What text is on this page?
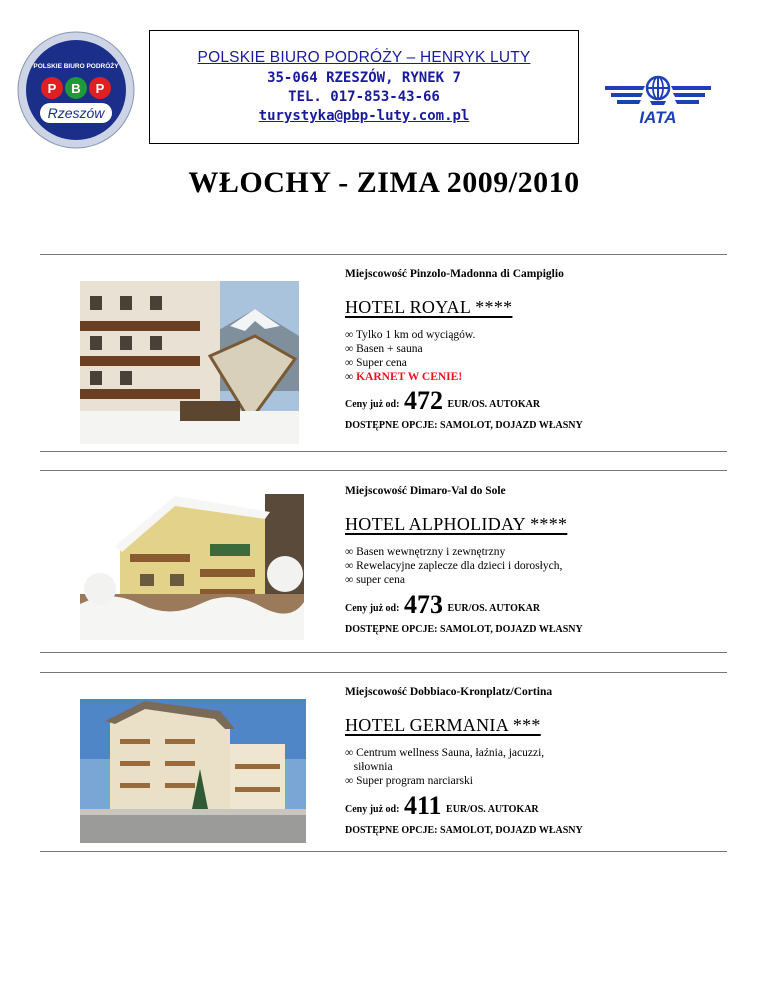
POLSKIE BIURO PODRÓŻY
P B P
Rzeszów
POLSKIE BIURO PODRÓŻY – HENRYK LUTY
35-064 RZESZÓW, RYNEK 7
TEL. 017-853-43-66
turystyka@pbp-luty.com.pl	IATA
WŁOCHY - ZIMA 2009/2010
Miejscowość Pinzolo-Madonna di Campiglio
HOTEL ROYAL ****
∞ Tylko 1 km od wyciągów.
∞ Basen + sauna
∞ Super cena
∞ KARNET W CENIE!
Ceny już od: 472 EUR/OS. AUTOKAR
DOSTĘPNE OPCJE: SAMOLOT, DOJAZD WŁASNY
Miejscowość Dimaro-Val do Sole
HOTEL ALPHOLIDAY ****
∞ Basen wewnętrzny i zewnętrzny
∞ Rewelacyjne zaplecze dla dzieci i dorosłych,
∞ super cena
Ceny już od: 473 EUR/OS. AUTOKAR
DOSTĘPNE OPCJE: SAMOLOT, DOJAZD WŁASNY
Miejscowość Dobbiaco-Kronplatz/Cortina
HOTEL GERMANIA ***
∞ Centrum wellness Sauna, łaźnia, jacuzzi,
siłownia
∞ Super program narciarski
Ceny już od: 411 EUR/OS. AUTOKAR
DOSTĘPNE OPCJE: SAMOLOT, DOJAZD WŁASNY
